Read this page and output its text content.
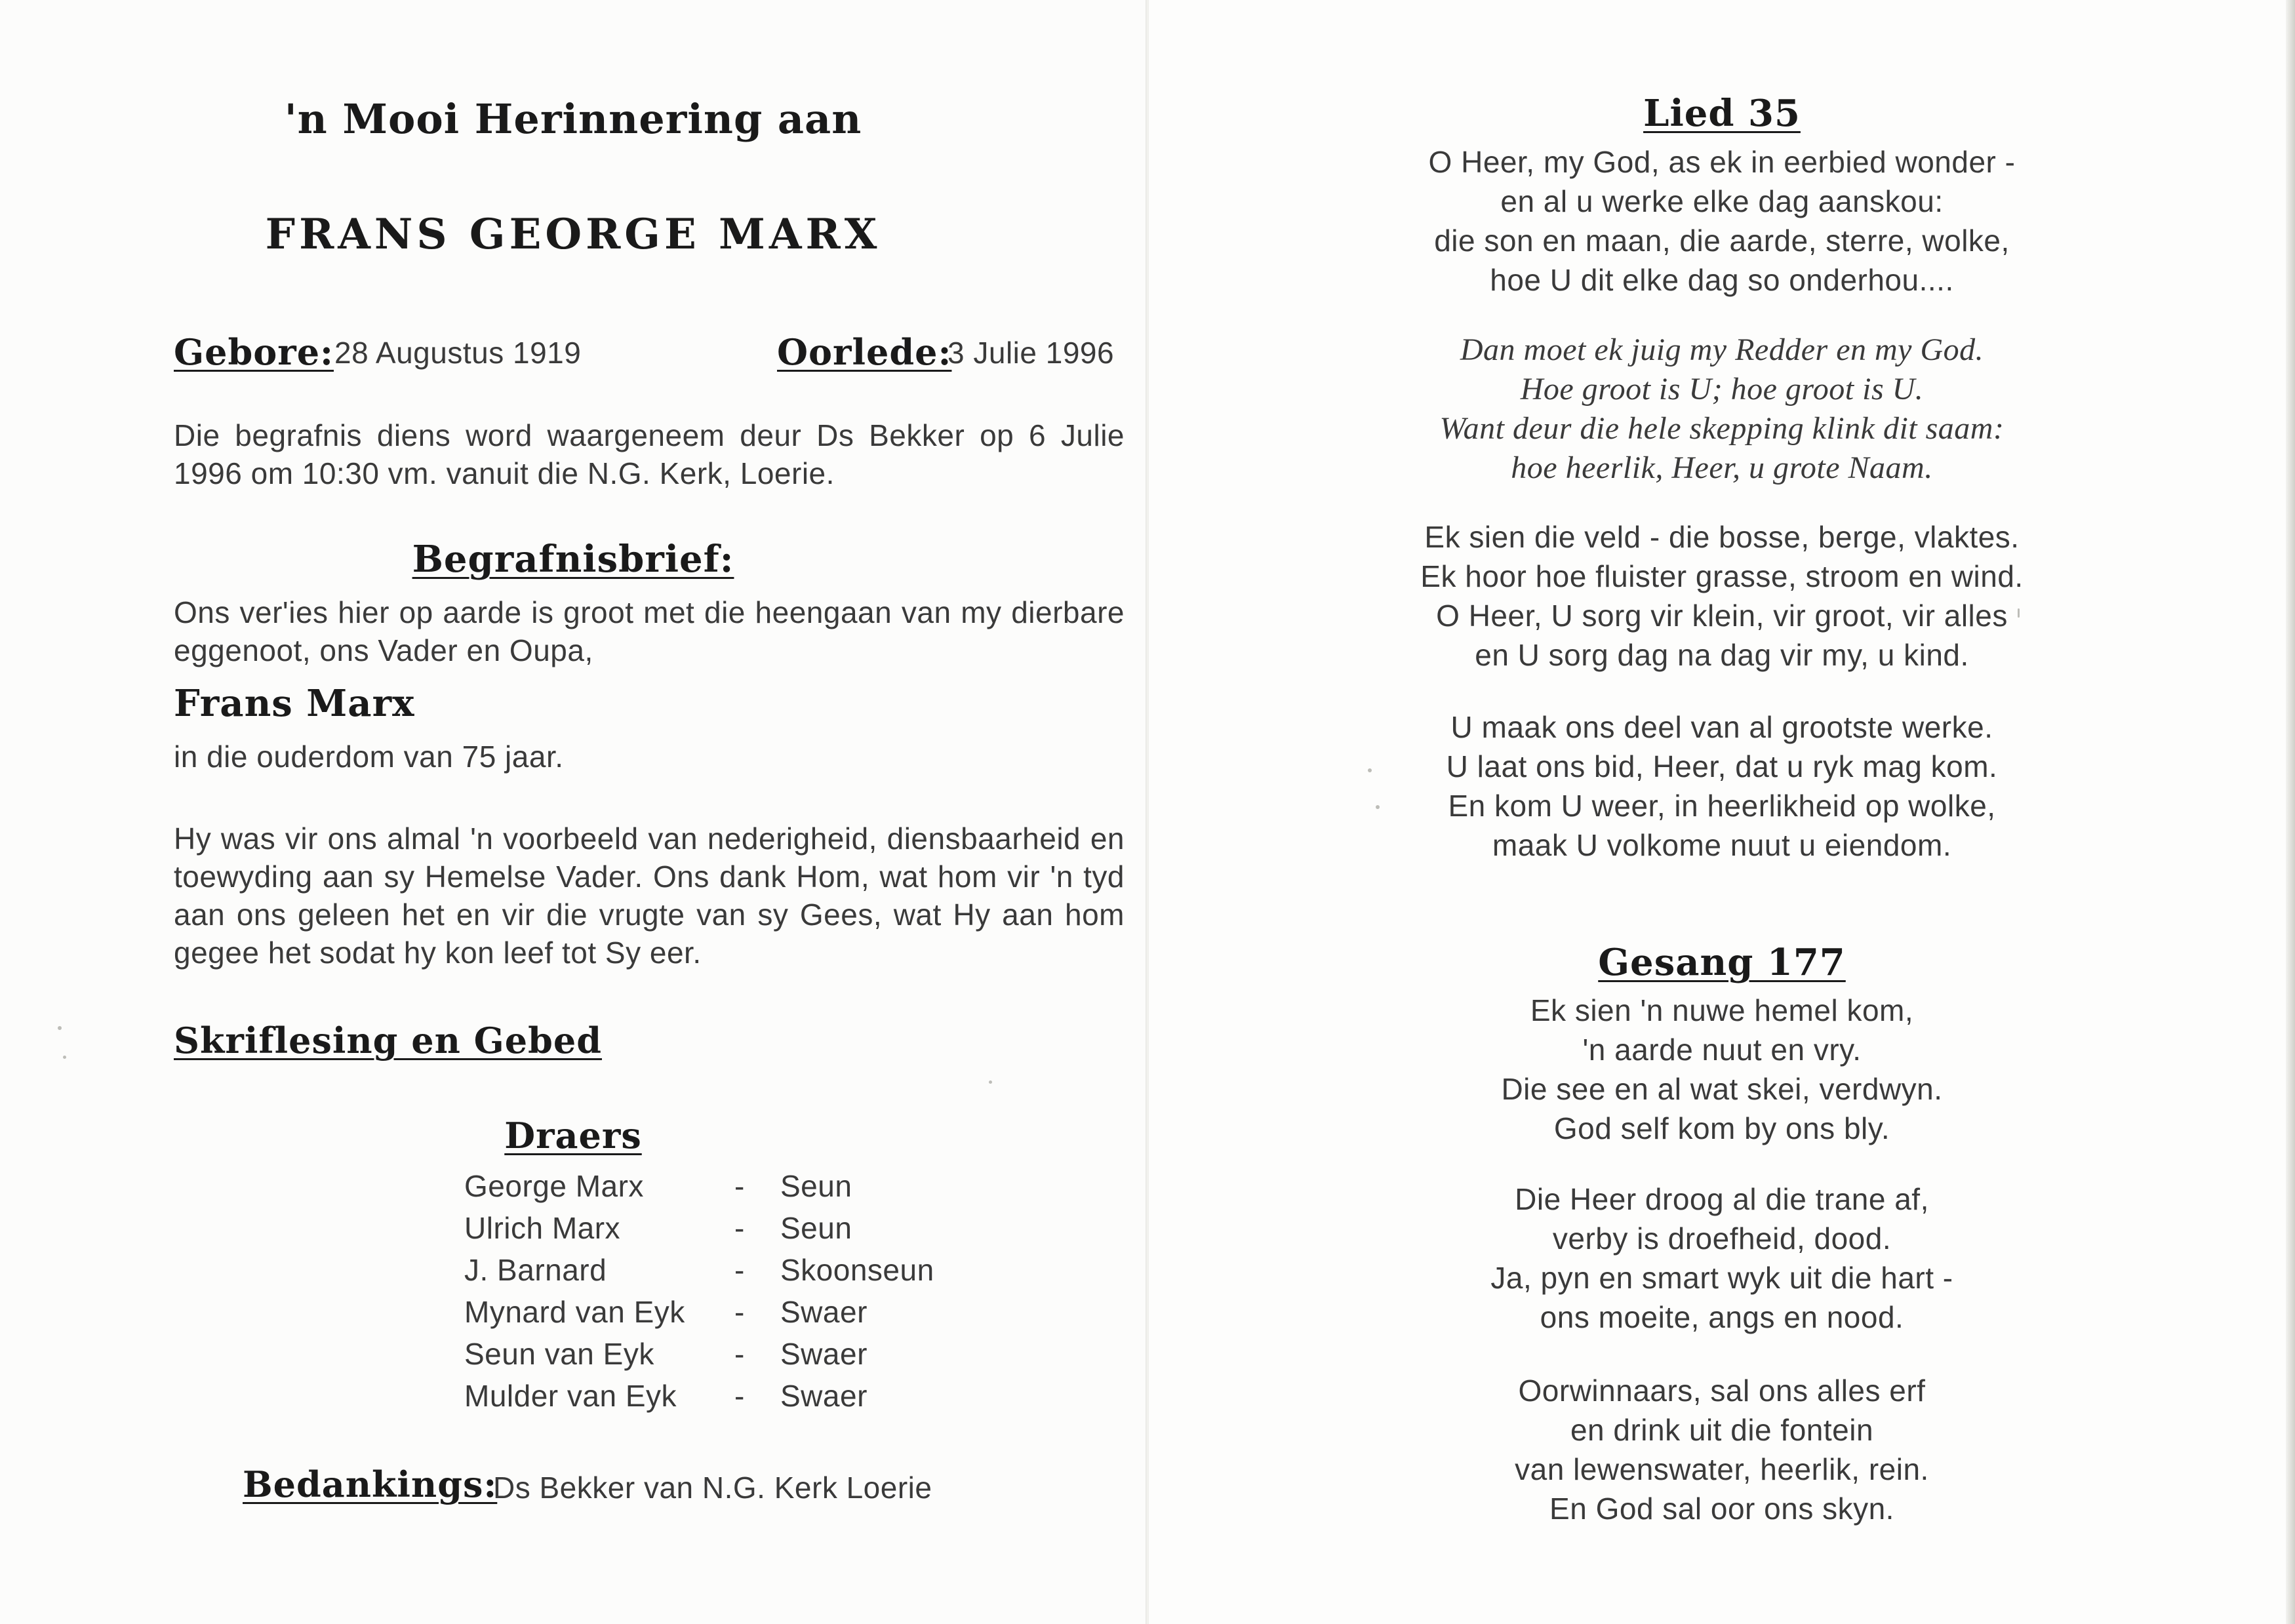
'n Mooi Herinnering aan
FRANS GEORGE MARX
Gebore: 28 Augustus 1919	Oorlede:
3 Julie 1996
Die begrafnis diens word waargeneem deur Ds Bekker op 6 Julie 1996 om 10:30 vm. vanuit die N.G. Kerk, Loerie.
Begrafnisbrief:
Ons ver'ies hier op aarde is groot met die heengaan van my dierbare eggenoot, ons Vader en Oupa,
Frans Marx
in die ouderdom van 75 jaar.
Hy was vir ons almal 'n voorbeeld van nederigheid, diensbaarheid en toewyding aan sy Hemelse Vader. Ons dank Hom, wat hom vir 'n tyd aan ons geleen het en vir die vrugte van sy Gees, wat Hy aan hom gegee het sodat hy kon leef tot Sy eer.
Skriflesing en Gebed
Draers
George Marx	- Seun
Ulrich Marx	- Seun
J. Barnard	- Skoonseun
Mynard van Eyk - Swaer
Seun van Eyk	- Swaer
Mulder van Eyk - Swaer
Bedankings:
Ds Bekker van N.G. Kerk Loerie
Lied 35
O Heer, my God, as ek in eerbied wonder -
en al u werke elke dag aanskou:
die son en maan, die aarde, sterre, wolke,
hoe U dit elke dag so onderhou....
Dan moet ek juig my Redder en my God.
Hoe groot is U; hoe groot is U.
Want deur die hele skepping klink dit saam:
hoe heerlik, Heer, u grote Naam.
Ek sien die veld - die bosse, berge, vlaktes.
Ek hoor hoe fluister grasse, stroom en wind.
O Heer, U sorg vir klein, vir groot, vir alles
en U sorg dag na dag vir my, u kind.
U maak ons deel van al grootste werke.
U laat ons bid, Heer, dat u ryk mag kom.
En kom U weer, in heerlikheid op wolke,
maak U volkome nuut u eiendom.
Gesang 177
Ek sien 'n nuwe hemel kom,
'n aarde nuut en vry.
Die see en al wat skei, verdwyn.
God self kom by ons bly.
Die Heer droog al die trane af,
verby is droefheid, dood.
Ja, pyn en smart wyk uit die hart -
ons moeite, angs en nood.
Oorwinnaars, sal ons alles erf
en drink uit die fontein
van lewenswater, heerlik, rein.
En God sal oor ons skyn.
